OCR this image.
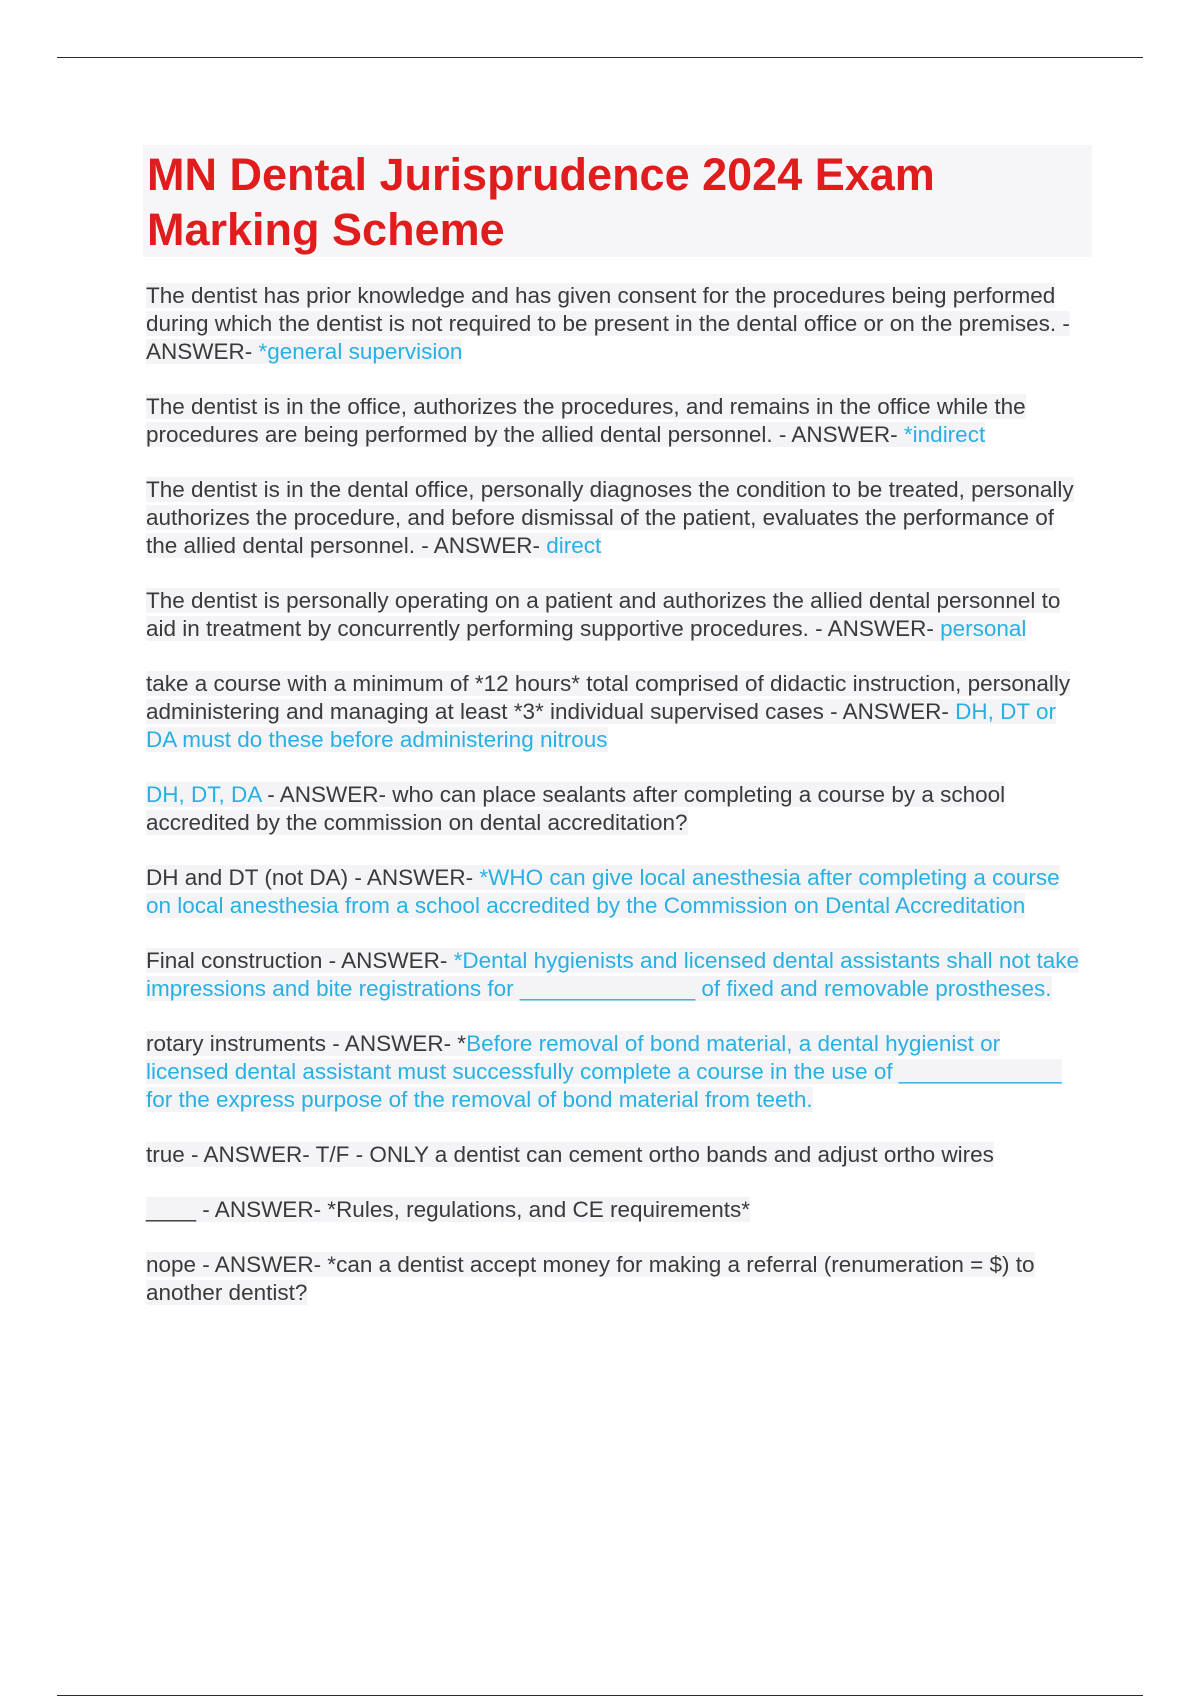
MN Dental Jurisprudence 2024 Exam Marking Scheme

The dentist has prior knowledge and has given consent for the procedures being performed during which the dentist is not required to be present in the dental office or on the premises. - ANSWER- *general supervision

The dentist is in the office, authorizes the procedures, and remains in the office while the procedures are being performed by the allied dental personnel. - ANSWER- *indirect

The dentist is in the dental office, personally diagnoses the condition to be treated, personally authorizes the procedure, and before dismissal of the patient, evaluates the performance of the allied dental personnel. - ANSWER- direct

The dentist is personally operating on a patient and authorizes the allied dental personnel to aid in treatment by concurrently performing supportive procedures. - ANSWER- personal

take a course with a minimum of *12 hours* total comprised of didactic instruction, personally administering and managing at least *3* individual supervised cases - ANSWER- DH, DT or DA must do these before administering nitrous

DH, DT, DA - ANSWER- who can place sealants after completing a course by a school accredited by the commission on dental accreditation?

DH and DT (not DA) - ANSWER- *WHO can give local anesthesia after completing a course on local anesthesia from a school accredited by the Commission on Dental Accreditation

Final construction - ANSWER- *Dental hygienists and licensed dental assistants shall not take impressions and bite registrations for ______________ of fixed and removable prostheses.

rotary instruments - ANSWER- *Before removal of bond material, a dental hygienist or licensed dental assistant must successfully complete a course in the use of _____________ for the express purpose of the removal of bond material from teeth.

true - ANSWER- T/F - ONLY a dentist can cement ortho bands and adjust ortho wires

____ - ANSWER- *Rules, regulations, and CE requirements*

nope - ANSWER- *can a dentist accept money for making a referral (renumeration = $) to another dentist?
